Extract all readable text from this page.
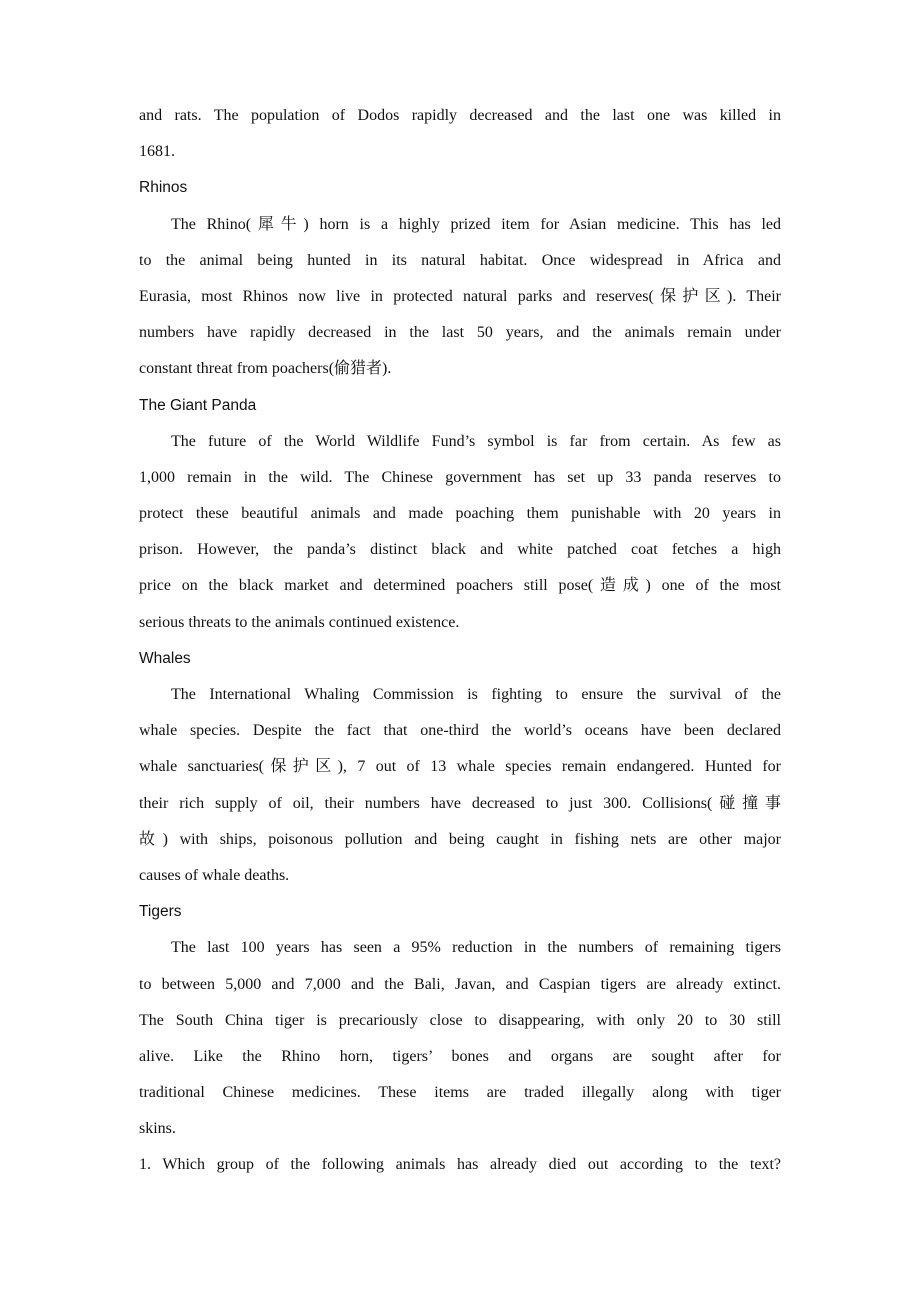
and rats. The population of Dodos rapidly decreased and the last one was killed in
1681.
Rhinos
The Rhino(犀牛) horn is a highly prized item for Asian medicine. This has led
to the animal being hunted in its natural habitat. Once widespread in Africa and
Eurasia, most Rhinos now live in protected natural parks and reserves(保护区). Their
numbers have rapidly decreased in the last 50 years, and the animals remain under
constant threat from poachers(偷猎者).
The Giant Panda
The future of the World Wildlife Fund’s symbol is far from certain. As few as
1,000 remain in the wild. The Chinese government has set up 33 panda reserves to
protect these beautiful animals and made poaching them punishable with 20 years in
prison. However, the panda’s distinct black and white patched coat fetches a high
price on the black market and determined poachers still pose(造成) one of the most
serious threats to the animals continued existence.
Whales
The International Whaling Commission is fighting to ensure the survival of the
whale species. Despite the fact that one-third the world’s oceans have been declared
whale sanctuaries(保护区), 7 out of 13 whale species remain endangered. Hunted for
their rich supply of oil, their numbers have decreased to just 300. Collisions(碰撞事
故) with ships, poisonous pollution and being caught in fishing nets are other major
causes of whale deaths.
Tigers
The last 100 years has seen a 95% reduction in the numbers of remaining tigers
to between 5,000 and 7,000 and the Bali, Javan, and Caspian tigers are already extinct.
The South China tiger is precariously close to disappearing, with only 20 to 30 still
alive. Like the Rhino horn, tigers’ bones and organs are sought after for
traditional Chinese medicines. These items are traded illegally along with tiger
skins.
1. Which group of the following animals has already died out according to the text?
